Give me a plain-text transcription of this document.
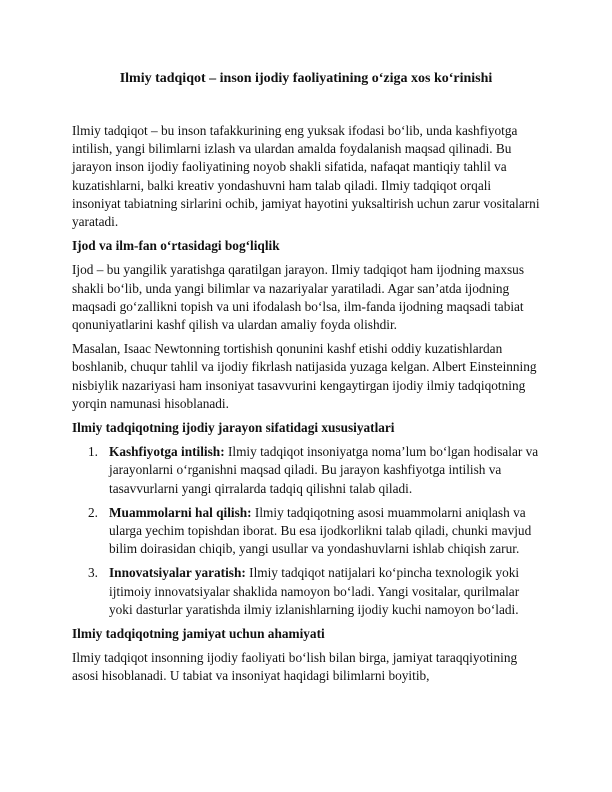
Ilmiy tadqiqot – inson ijodiy faoliyatining o‘ziga xos ko‘rinishi

Ilmiy tadqiqot – bu inson tafakkurining eng yuksak ifodasi bo‘lib, unda kashfiyotga intilish, yangi bilimlarni izlash va ulardan amalda foydalanish maqsad qilinadi. Bu jarayon inson ijodiy faoliyatining noyob shakli sifatida, nafaqat mantiqiy tahlil va kuzatishlarni, balki kreativ yondashuvni ham talab qiladi. Ilmiy tadqiqot orqali insoniyat tabiatning sirlarini ochib, jamiyat hayotini yuksaltirish uchun zarur vositalarni yaratadi.

Ijod va ilm-fan o‘rtasidagi bog‘liqlik

Ijod – bu yangilik yaratishga qaratilgan jarayon. Ilmiy tadqiqot ham ijodning maxsus shakli bo‘lib, unda yangi bilimlar va nazariyalar yaratiladi. Agar san’atda ijodning maqsadi go‘zallikni topish va uni ifodalash bo‘lsa, ilm-fanda ijodning maqsadi tabiat qonuniyatlarini kashf qilish va ulardan amaliy foyda olishdir.

Masalan, Isaac Newtonning tortishish qonunini kashf etishi oddiy kuzatishlardan boshlanib, chuqur tahlil va ijodiy fikrlash natijasida yuzaga kelgan. Albert Einsteinning nisbiylik nazariyasi ham insoniyat tasavvurini kengaytirgan ijodiy ilmiy tadqiqotning yorqin namunasi hisoblanadi.

Ilmiy tadqiqotning ijodiy jarayon sifatidagi xususiyatlari
1. Kashfiyotga intilish: Ilmiy tadqiqot insoniyatga noma’lum bo‘lgan hodisalar va jarayonlarni o‘rganishni maqsad qiladi. Bu jarayon kashfiyotga intilish va tasavvurlarni yangi qirralarda tadqiq qilishni talab qiladi.
2. Muammolarni hal qilish: Ilmiy tadqiqotning asosi muammolarni aniqlash va ularga yechim topishdan iborat. Bu esa ijodkorlikni talab qiladi, chunki mavjud bilim doirasidan chiqib, yangi usullar va yondashuvlarni ishlab chiqish zarur.
3. Innovatsiyalar yaratish: Ilmiy tadqiqot natijalari ko‘pincha texnologik yoki ijtimoiy innovatsiyalar shaklida namoyon bo‘ladi. Yangi vositalar, qurilmalar yoki dasturlar yaratishda ilmiy izlanishlarning ijodiy kuchi namoyon bo‘ladi.
Ilmiy tadqiqotning jamiyat uchun ahamiyati

Ilmiy tadqiqot insonning ijodiy faoliyati bo‘lish bilan birga, jamiyat taraqqiyotining asosi hisoblanadi. U tabiat va insoniyat haqidagi bilimlarni boyitib,
